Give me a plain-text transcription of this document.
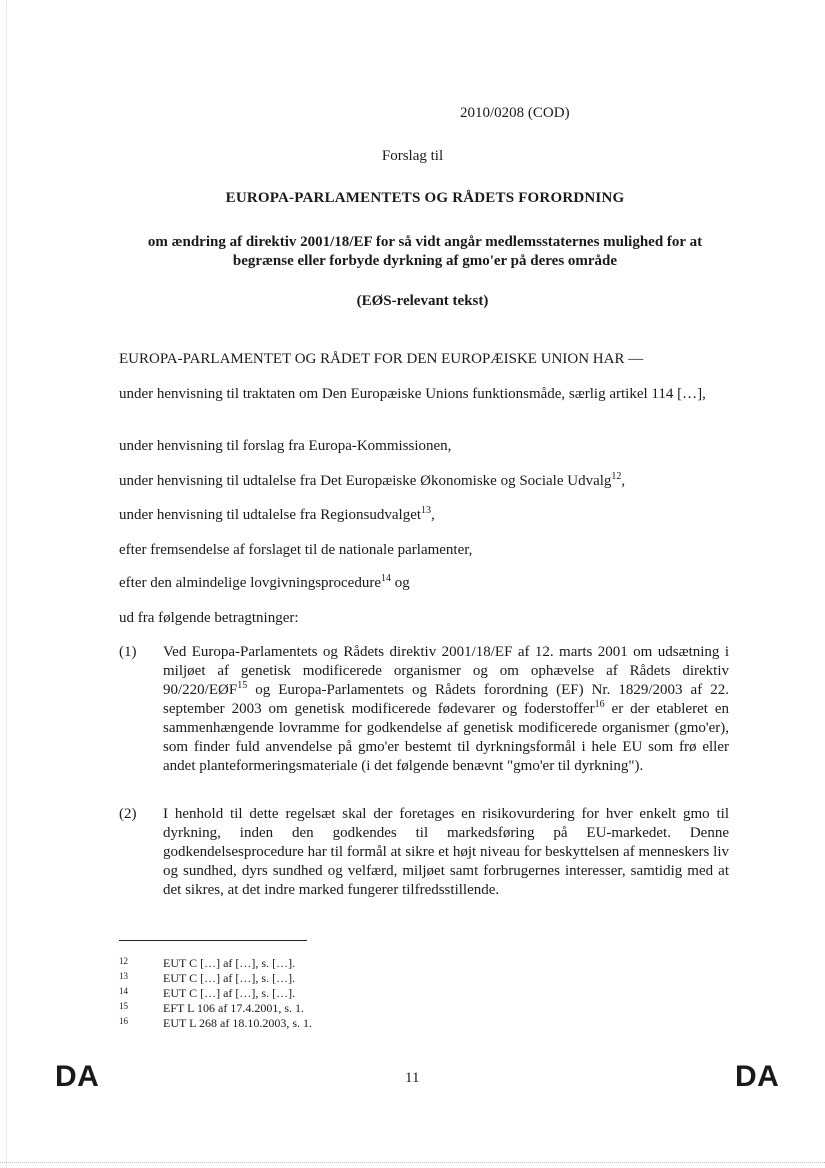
2010/0208 (COD)
Forslag til
EUROPA-PARLAMENTETS OG RÅDETS FORORDNING
om ændring af direktiv 2001/18/EF for så vidt angår medlemsstaternes mulighed for at
begrænse eller forbyde dyrkning af gmo'er på deres område
(EØS-relevant tekst)
EUROPA-PARLAMENTET OG RÅDET FOR DEN EUROPÆISKE UNION HAR —
under henvisning til traktaten om Den Europæiske Unions funktionsmåde, særlig artikel 114 […],
under henvisning til forslag fra Europa-Kommissionen,
under henvisning til udtalelse fra Det Europæiske Økonomiske og Sociale Udvalg$^{12}$,
under henvisning til udtalelse fra Regionsudvalget$^{13}$,
efter fremsendelse af forslaget til de nationale parlamenter,
efter den almindelige lovgivningsprocedure$^{14}$ og
ud fra følgende betragtninger:
(1) Ved Europa-Parlamentets og Rådets direktiv 2001/18/EF af 12. marts 2001 om udsætning i miljøet af genetisk modificerede organismer og om ophævelse af Rådets direktiv 90/220/EØF$^{15}$ og Europa-Parlamentets og Rådets forordning (EF) Nr. 1829/2003 af 22. september 2003 om genetisk modificerede fødevarer og foderstoffer$^{16}$ er der etableret en sammenhængende lovramme for godkendelse af genetisk modificerede organismer (gmo'er), som finder fuld anvendelse på gmo'er bestemt til dyrkningsformål i hele EU som frø eller andet planteformeringsmateriale (i det følgende benævnt "gmo'er til dyrkning").
(2) I henhold til dette regelsæt skal der foretages en risikovurdering for hver enkelt gmo til dyrkning, inden den godkendes til markedsføring på EU-markedet. Denne godkendelsesprocedure har til formål at sikre et højt niveau for beskyttelsen af menneskers liv og sundhed, dyrs sundhed og velfærd, miljøet samt forbrugernes interesser, samtidig med at det sikres, at det indre marked fungerer tilfredsstillende.
12	EUT C […] af […], s. […].
13	EUT C […] af […], s. […].
14	EUT C […] af […], s. […].
15	EFT L 106 af 17.4.2001, s. 1.
16	EUT L 268 af 18.10.2003, s. 1.
DA	11	DA
